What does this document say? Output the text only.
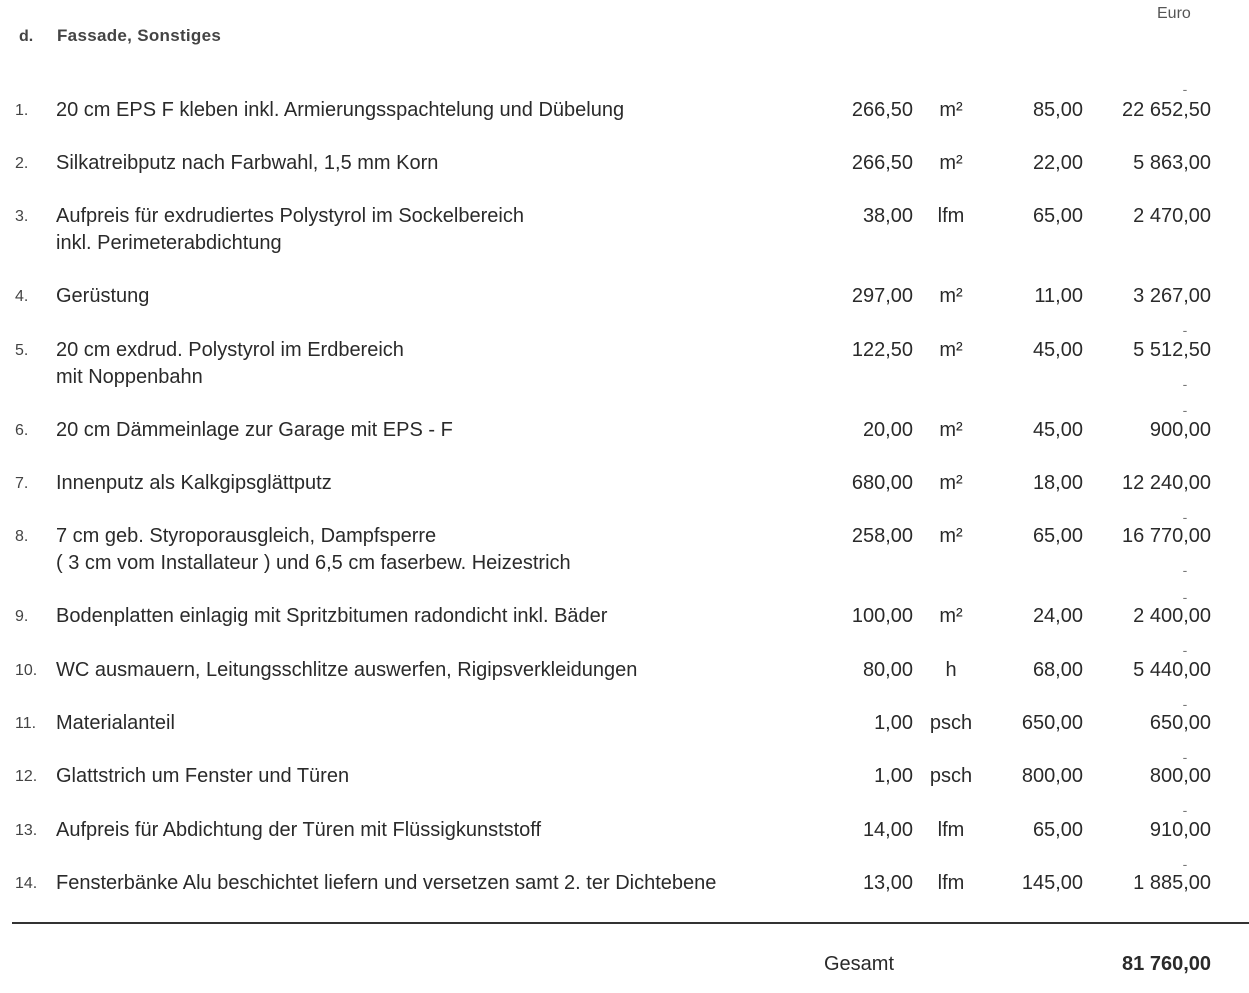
Euro
d. Fassade, Sonstiges
1. 20 cm EPS F kleben inkl. Armierungsspachtelung und Dübelung	266,50	m²	85,00	22 652,50
2. Silkatreibputz nach Farbwahl, 1,5 mm Korn	266,50	m²	22,00	5 863,00
3. Aufpreis für exdrudiertes Polystyrol im Sockelbereich
inkl. Perimeterabdichtung
38,00	lfm	65,00	2 470,00
4. Gerüstung	297,00	m²	11,00	3 267,00
5. 20 cm exdrud. Polystyrol im Erdbereich
mit Noppenbahn
122,50	m²	45,00	5 512,50
6. 20 cm Dämmeinlage zur Garage mit EPS - F	20,00	m²	45,00	900,00
7. Innenputz als Kalkgipsglättputz	680,00	m²	18,00	12 240,00
8. 7 cm geb. Styroporausgleich, Dampfsperre
( 3 cm vom Installateur ) und 6,5 cm faserbew. Heizestrich
258,00	m²	65,00	16 770,00
9. Bodenplatten einlagig mit Spritzbitumen radondicht inkl. Bäder	100,00	m²	24,00	2 400,00
10. WC ausmauern, Leitungsschlitze auswerfen, Rigipsverkleidungen	80,00	h	68,00	5 440,00
11. Materialanteil	1,00 psch	650,00	650,00
12. Glattstrich um Fenster und Türen	1,00 psch	800,00	800,00
13. Aufpreis für Abdichtung der Türen mit Flüssigkunststoff	14,00	lfm	65,00	910,00
14. Fensterbänke Alu beschichtet liefern und versetzen samt 2. ter Dichtebene	13,00	lfm	145,00	1 885,00
-
-
-
-
-
-
-
-
-
-
-
-
Gesamt	81 760,00
